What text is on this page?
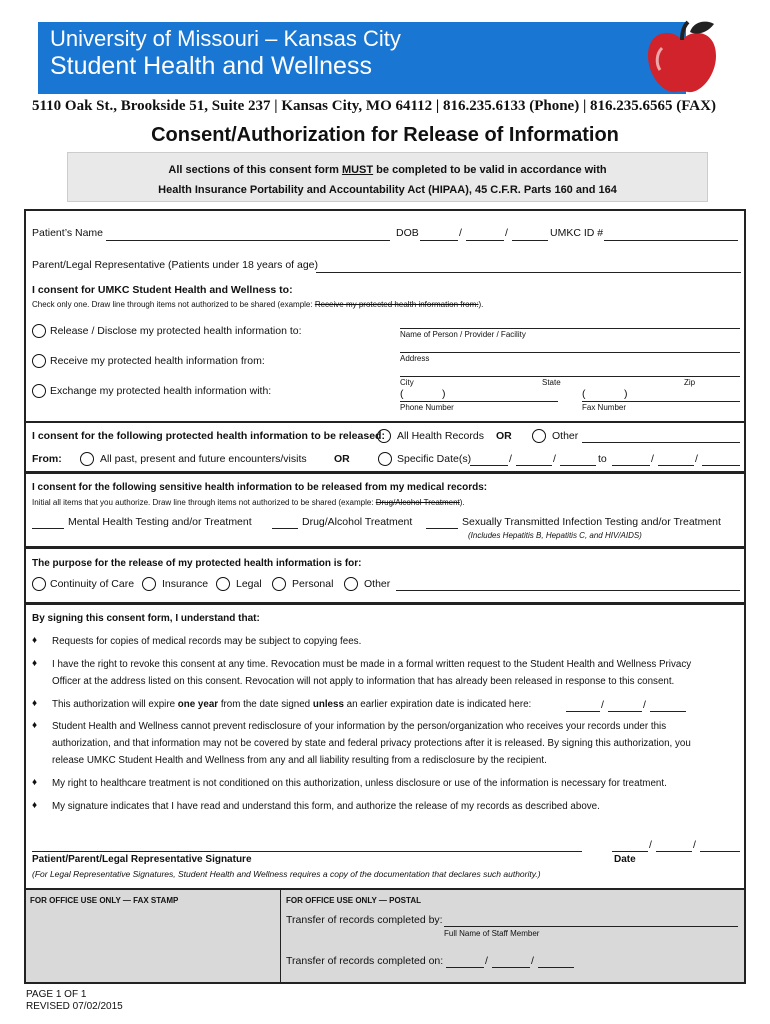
University of Missouri – Kansas City
Student Health and Wellness
5110 Oak St., Brookside 51, Suite 237 | Kansas City, MO 64112 | 816.235.6133 (Phone) | 816.235.6565 (FAX)
Consent/Authorization for Release of Information
All sections of this consent form MUST be completed to be valid in accordance with
Health Insurance Portability and Accountability Act (HIPAA), 45 C.F.R. Parts 160 and 164
Patient’s Name	DOB	/	/	UMKC ID #
Parent/Legal Representative (Patients under 18 years of age)
I consent for UMKC Student Health and Wellness to:
Check only one. Draw line through items not authorized to be shared (example: Receive my protected health information from:).
Release / Disclose my protected health information to:
Receive my protected health information from:
Exchange my protected health information with:
Name of Person / Provider / Facility
Address
City	State	Zip
(	)
Phone Number
(	)
Fax Number
I consent for the following protected health information to be released: All Health Records OR	Other
From:	All past, present and future encounters/visits	OR	Specific Date(s)	/	/	to	/	/
I consent for the following sensitive health information to be released from my medical records:
Initial all items that you authorize. Draw line through items not authorized to be shared (example: Drug/Alcohol Treatment).
Mental Health Testing and/or Treatment	Drug/Alcohol Treatment	Sexually Transmitted Infection Testing and/or Treatment
(Includes Hepatitis B, Hepatitis C, and HIV/AIDS)
The purpose for the release of my protected health information is for:
Continuity of Care	Insurance	Legal	Personal	Other
By signing this consent form, I understand that:
♦ Requests for copies of medical records may be subject to copying fees.
♦ I have the right to revoke this consent at any time. Revocation must be made in a formal written request to the Student Health and Wellness Privacy
Officer at the address listed on this consent. Revocation will not apply to information that has already been released in response to this consent.
♦ This authorization will expire one year from the date signed unless an earlier expiration date is indicated here:	/	/
♦ Student Health and Wellness cannot prevent redisclosure of your information by the person/organization who receives your records under this
authorization, and that information may not be covered by state and federal privacy protections after it is released. By signing this authorization, you
release UMKC Student Health and Wellness from any and all liability resulting from a redisclosure by the recipient.
♦ My right to healthcare treatment is not conditioned on this authorization, unless disclosure or use of the information is necessary for treatment.
♦ My signature indicates that I have read and understand this form, and authorize the release of my records as described above.
Patient/Parent/Legal Representative Signature
/	/
Date
(For Legal Representative Signatures, Student Health and Wellness requires a copy of the documentation that declares such authority.)
FOR OFFICE USE ONLY — FAX STAMP	FOR OFFICE USE ONLY — POSTAL
Transfer of records completed by:
Full Name of Staff Member
Transfer of records completed on:	/	/
PAGE 1 OF 1
REVISED 07/02/2015
